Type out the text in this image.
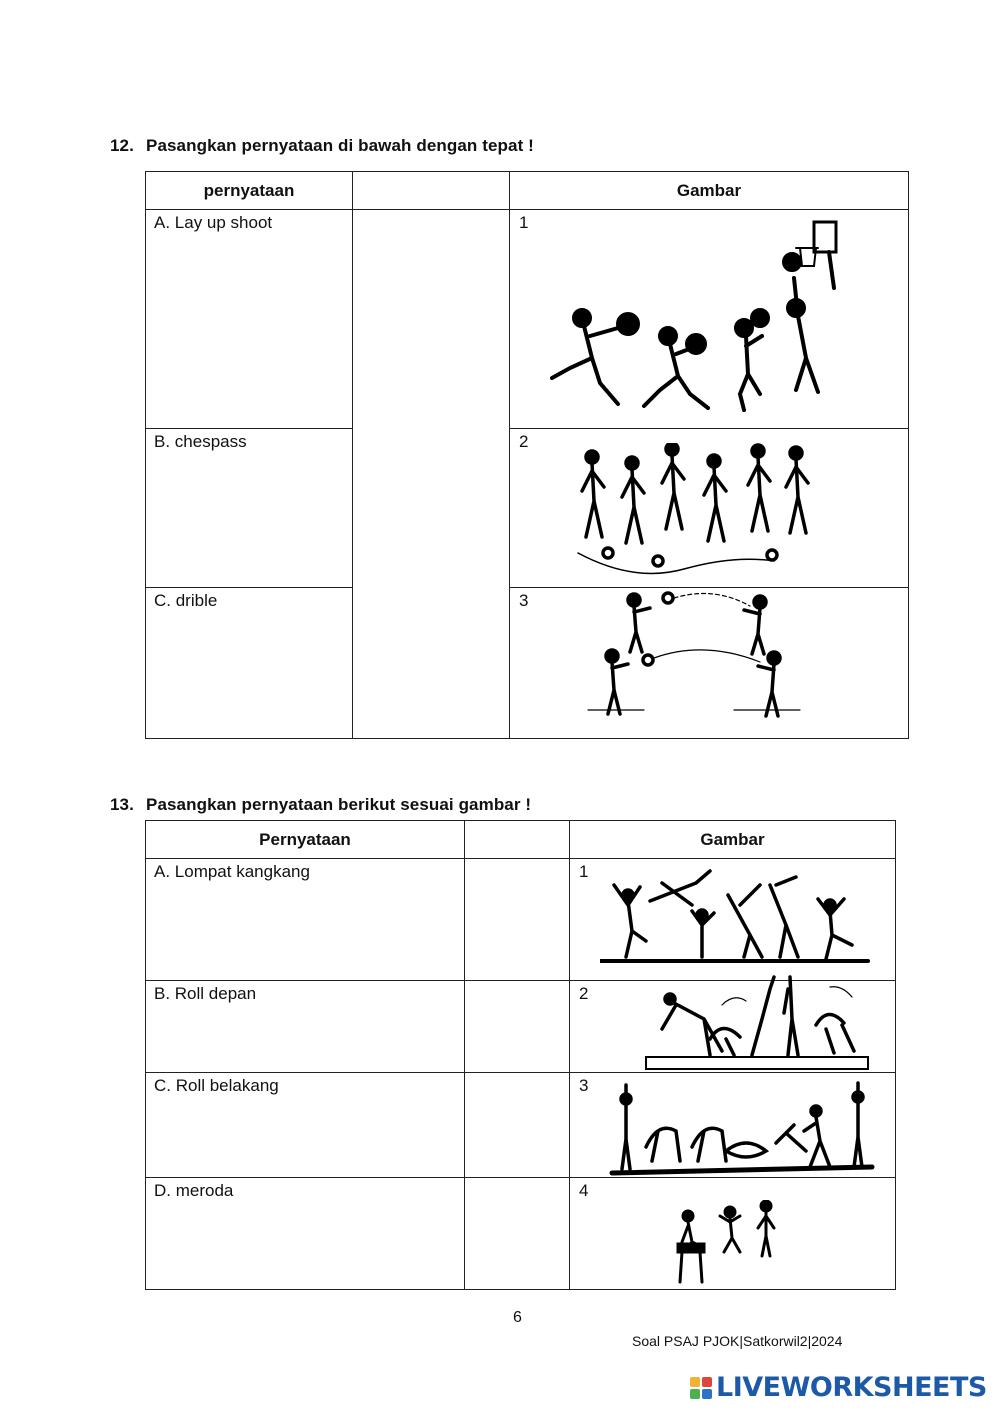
12. Pasangkan pernyataan di bawah dengan tepat !
pernyataan		Gambar
A. Lay up shoot		1

B. chespass		2

C. drible		3
13. Pasangkan pernyataan berikut sesuai gambar !
Pernyataan		Gambar
A. Lompat kangkang		1

B. Roll depan		2

C. Roll belakang		3

D. meroda		4
6
Soal PSAJ PJOK|Satkorwil2|2024
LIVEWORKSHEETS
